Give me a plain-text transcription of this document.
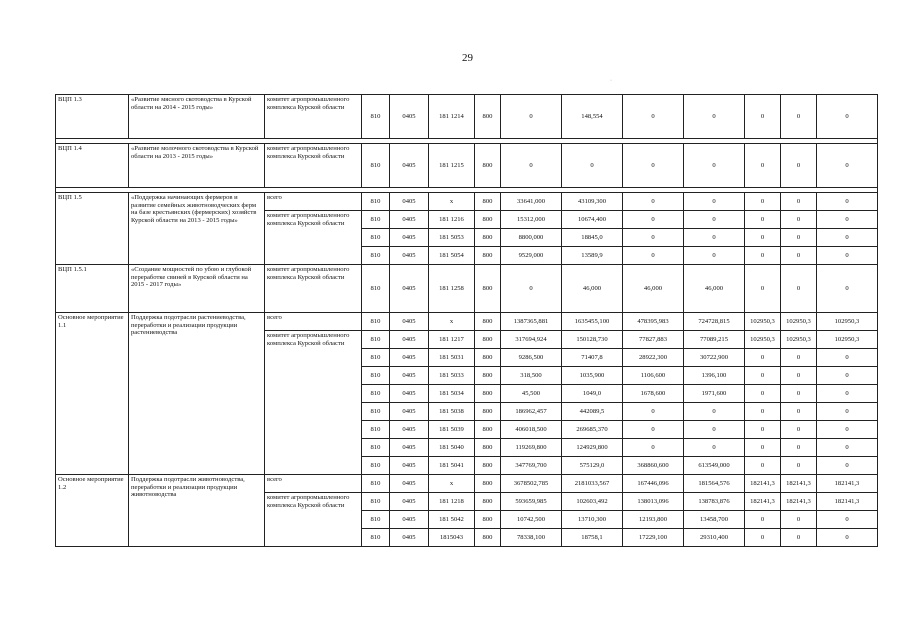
29
·
ВЦП 1.3	«Развитие мясного скотоводства в Курской области на 2014 - 2015 годы»	комитет агропромышленного комплекса Курской области	810	0405	181 1214	800	0	148,554	0	0	0	0	0

ВЦП 1.4	«Развитие молочного скотоводства в Курской области на 2013 - 2015 годы»	комитет агропромышленного комплекса Курской области	810	0405	181 1215	800	0	0	0	0	0	0	0

ВЦП 1.5	«Поддержка начинающих фермеров и развитие семейных животноводческих ферм на базе крестьянских (фермерских) хозяйств Курской области на 2013 - 2015 годы»	всего	810	0405	х	800	33641,000	43109,300	0	0	0	0	0
		комитет агропромышленного комплекса Курской области	810	0405	181 1216	800	15312,000	10674,400	0	0	0	0	0
			810	0405	181 5053	800	8800,000	18845,0	0	0	0	0	0
			810	0405	181 5054	800	9529,000	13589,9	0	0	0	0	0
ВЦП 1.5.1	«Создание мощностей по убою и глубокой переработке свиней в Курской области на 2015 - 2017 годы»	комитет агропромышленного комплекса Курской области	810	0405	181 1258	800	0	46,000	46,000	46,000	0	0	0
Основное мероприятие 1.1	Поддержка подотрасли растениеводства, переработки и реализации продукции растениеводства	всего	810	0405	х	800	1387365,881	1635455,100	478395,983	724728,815	102950,3	102950,3	102950,3
		комитет агропромышленного комплекса Курской области	810	0405	181 1217	800	317694,924	150128,730	77827,883	77089,215	102950,3	102950,3	102950,3
			810	0405	181 5031	800	9286,500	71407,8	28922,300	30722,900	0	0	0
			810	0405	181 5033	800	318,500	1035,900	1106,600	1396,100	0	0	0
			810	0405	181 5034	800	45,500	1049,0	1678,600	1971,600	0	0	0
			810	0405	181 5038	800	186962,457	442089,5	0	0	0	0	0
			810	0405	181 5039	800	406018,500	269685,370	0	0	0	0	0
			810	0405	181 5040	800	119269,800	124929,800	0	0	0	0	0
			810	0405	181 5041	800	347769,700	575129,0	368860,600	613549,000	0	0	0
Основное мероприятие 1.2	Поддержка подотрасли животноводства, переработки и реализации продукции животноводства	всего	810	0405	х	800	3678502,785	2181033,567	167446,096	181564,576	182141,3	182141,3	182141,3
		комитет агропромышленного комплекса Курской области	810	0405	181 1218	800	593659,985	102603,492	138013,096	138783,876	182141,3	182141,3	182141,3
			810	0405	181 5042	800	10742,500	13710,300	12193,800	13458,700	0	0	0
			810	0405	1815043	800	78338,100	18758,1	17229,100	29310,400	0	0	0
